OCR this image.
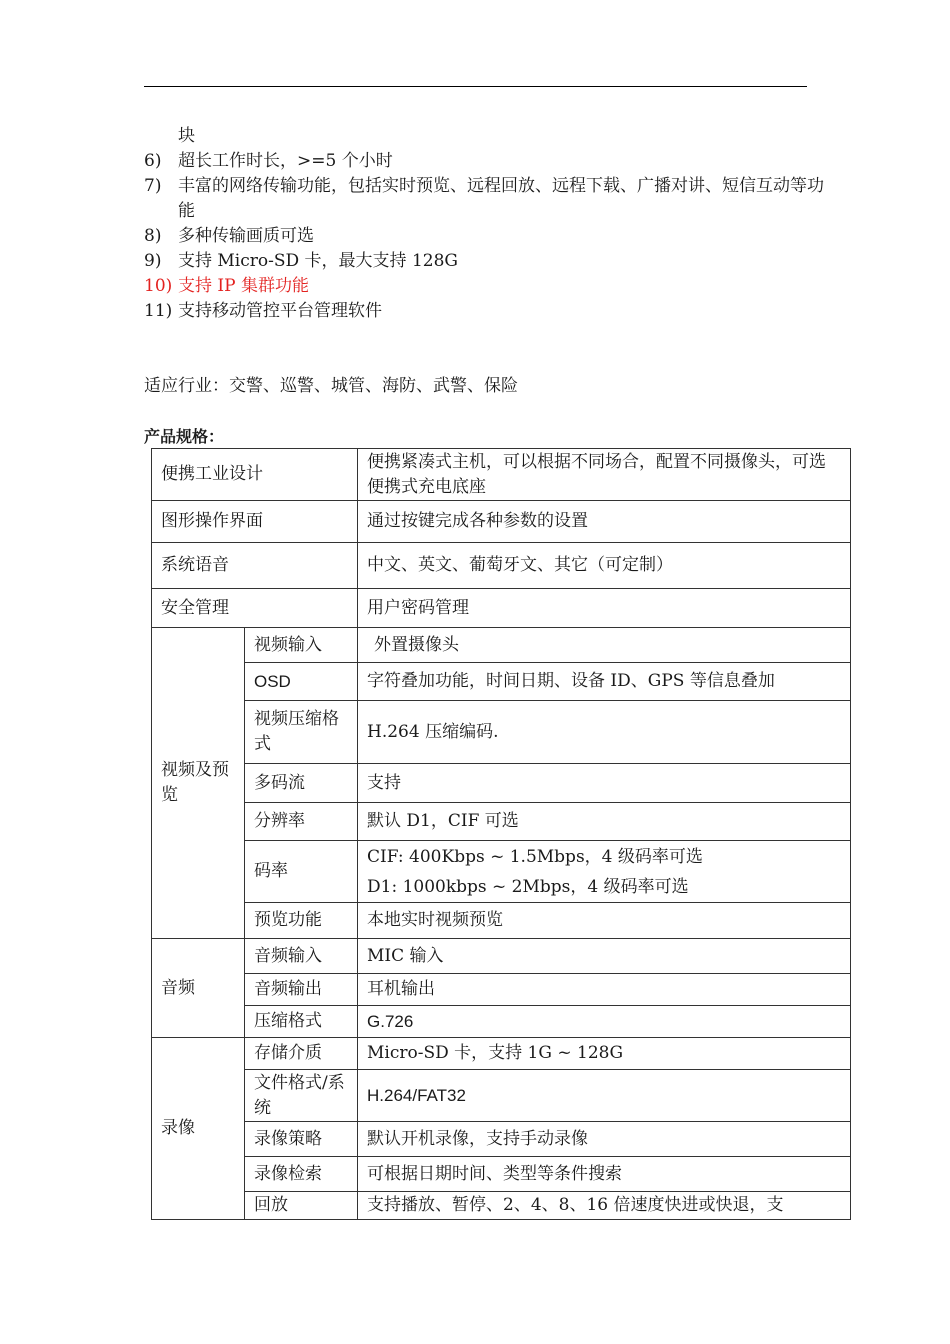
块
6) 超长工作时长，>=5 个小时
7) 丰富的网络传输功能，包括实时预览、远程回放、远程下载、广播对讲、短信互动等功能
8) 多种传输画质可选
9) 支持 Micro-SD 卡，最大支持 128G
10) 支持 IP 集群功能
11) 支持移动管控平台管理软件
适应行业：交警、巡警、城管、海防、武警、保险
产品规格：
便携工业设计		便携紧凑式主机，可以根据不同场合，配置不同摄像头，可选便携式充电底座
图形操作界面		通过按键完成各种参数的设置
系统语音		中文、英文、葡萄牙文、其它（可定制）
安全管理		用户密码管理
视频及预览	视频输入	外置摄像头
	OSD	字符叠加功能，时间日期、设备 ID、GPS 等信息叠加
	视频压缩格式	H.264 压缩编码.
	多码流	支持
	分辨率	默认 D1，CIF 可选
	码率	CIF: 400Kbps ~ 1.5Mbps，4 级码率可选
D1: 1000kbps ~ 2Mbps，4 级码率可选

	预览功能	本地实时视频预览
音频	音频输入	MIC 输入
	音频输出	耳机输出
	压缩格式	G.726
录像	存储介质	Micro-SD 卡，支持 1G ~ 128G
	文件格式/系统	H.264/FAT32
	录像策略	默认开机录像，支持手动录像
	录像检索	可根据日期时间、类型等条件搜索
	回放	支持播放、暂停、2、4、8、16 倍速度快进或快退，支
